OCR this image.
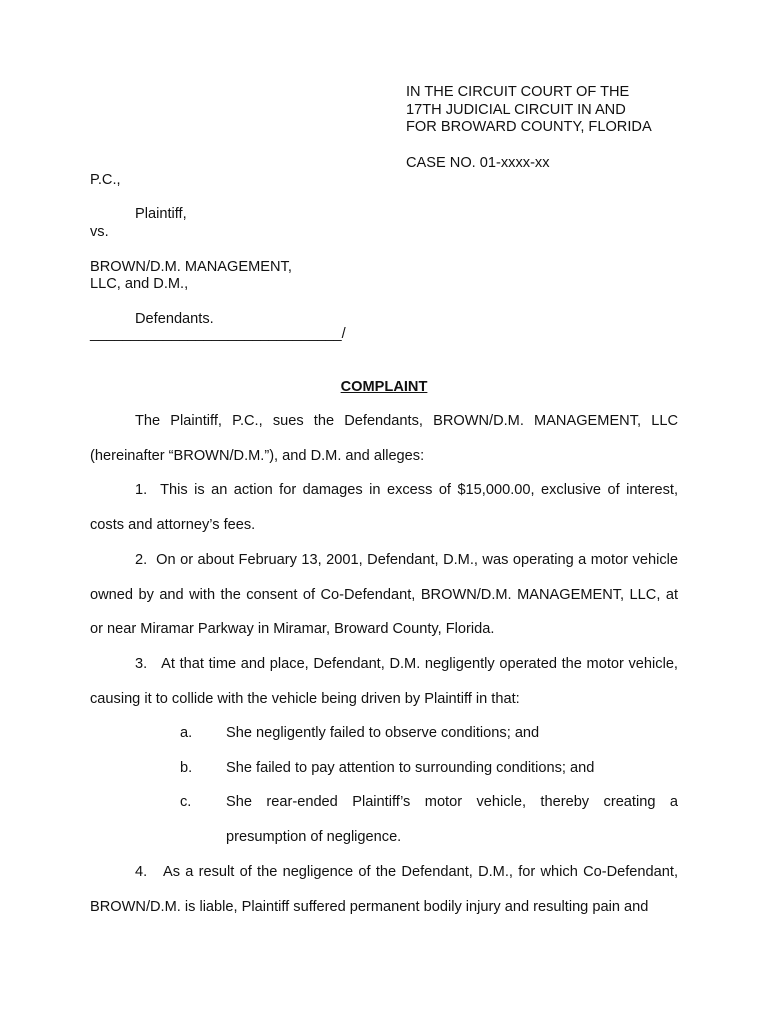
IN THE CIRCUIT COURT OF THE
17TH JUDICIAL CIRCUIT IN AND
FOR BROWARD COUNTY, FLORIDA
CASE NO. 01-xxxx-xx
P.C.,
Plaintiff,
vs.
BROWN/D.M. MANAGEMENT,
LLC, and D.M.,
Defendants.
_______________________________/
COMPLAINT

The Plaintiff, P.C., sues the Defendants, BROWN/D.M. MANAGEMENT, LLC (hereinafter “BROWN/D.M.”), and D.M. and alleges:

1.  This is an action for damages in excess of $15,000.00, exclusive of interest, costs and attorney’s fees.

2.  On or about February 13, 2001, Defendant, D.M., was operating a motor vehicle owned by and with the consent of Co-Defendant, BROWN/D.M. MANAGEMENT, LLC, at or near Miramar Parkway in Miramar, Broward County, Florida.

3.   At that time and place, Defendant, D.M. negligently operated the motor vehicle, causing it to collide with the vehicle being driven by Plaintiff in that:

a.	She negligently failed to observe conditions; and
b.	She failed to pay attention to surrounding conditions; and
c.	She rear-ended Plaintiff’s motor vehicle, thereby creating a presumption of negligence.

4.   As a result of the negligence of the Defendant, D.M., for which Co-Defendant, BROWN/D.M. is liable, Plaintiff suffered permanent bodily injury and resulting pain and
